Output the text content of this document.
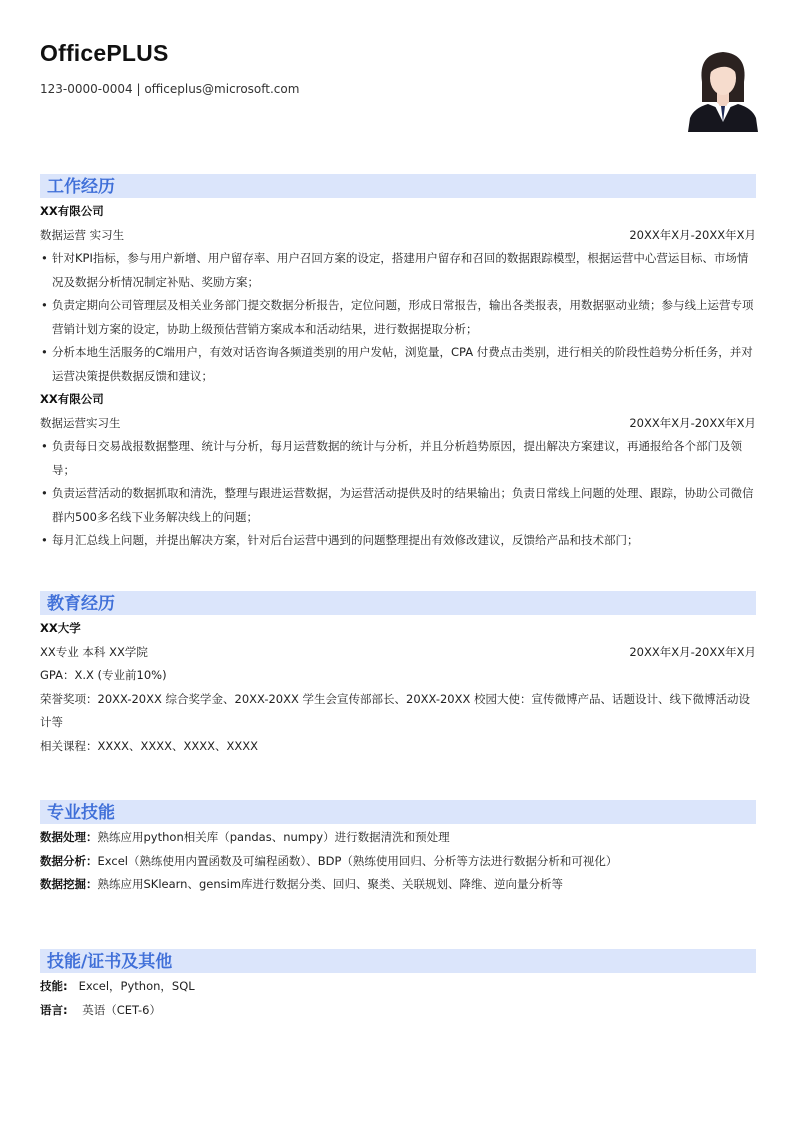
OfficePLUS
123-0000-0004 | officeplus@microsoft.com
工作经历
XX有限公司
数据运营 实习生	20XX年X月-20XX年X月
• 针对KPI指标，参与用户新增、用户留存率、用户召回方案的设定，搭建用户留存和召回的数据跟踪模型，根据运营中心营运目标、市场情况及数据分析情况制定补贴、奖励方案；
• 负责定期向公司管理层及相关业务部门提交数据分析报告，定位问题，形成日常报告，输出各类报表，用数据驱动业绩；参与线上运营专项营销计划方案的设定，协助上级预估营销方案成本和活动结果，进行数据提取分析；
• 分析本地生活服务的C端用户，有效对话咨询各频道类别的用户发帖，浏览量，CPA 付费点击类别，进行相关的阶段性趋势分析任务，并对运营决策提供数据反馈和建议；
XX有限公司
数据运营实习生	20XX年X月-20XX年X月
• 负责每日交易战报数据整理、统计与分析，每月运营数据的统计与分析，并且分析趋势原因，提出解决方案建议，再通报给各个部门及领导；
• 负责运营活动的数据抓取和清洗，整理与跟进运营数据，为运营活动提供及时的结果输出；负责日常线上问题的处理、跟踪，协助公司微信群内500多名线下业务解决线上的问题；
• 每月汇总线上问题，并提出解决方案，针对后台运营中遇到的问题整理提出有效修改建议，反馈给产品和技术部门；
教育经历
XX大学
XX专业 本科 XX学院	20XX年X月-20XX年X月
GPA：X.X (专业前10%)
荣誉奖项：20XX-20XX 综合奖学金、20XX-20XX 学生会宣传部部长、20XX-20XX 校园大使：宣传微博产品、话题设计、线下微博活动设计等
相关课程：XXXX、XXXX、XXXX、XXXX
专业技能
数据处理：熟练应用python相关库（pandas、numpy）进行数据清洗和预处理
数据分析：Excel（熟练使用内置函数及可编程函数）、BDP（熟练使用回归、分析等方法进行数据分析和可视化）
数据挖掘：熟练应用SKlearn、gensim库进行数据分类、回归、聚类、关联规划、降维、逆向量分析等
技能/证书及其他
技能: Excel，Python，SQL
语言: 英语（CET-6）
